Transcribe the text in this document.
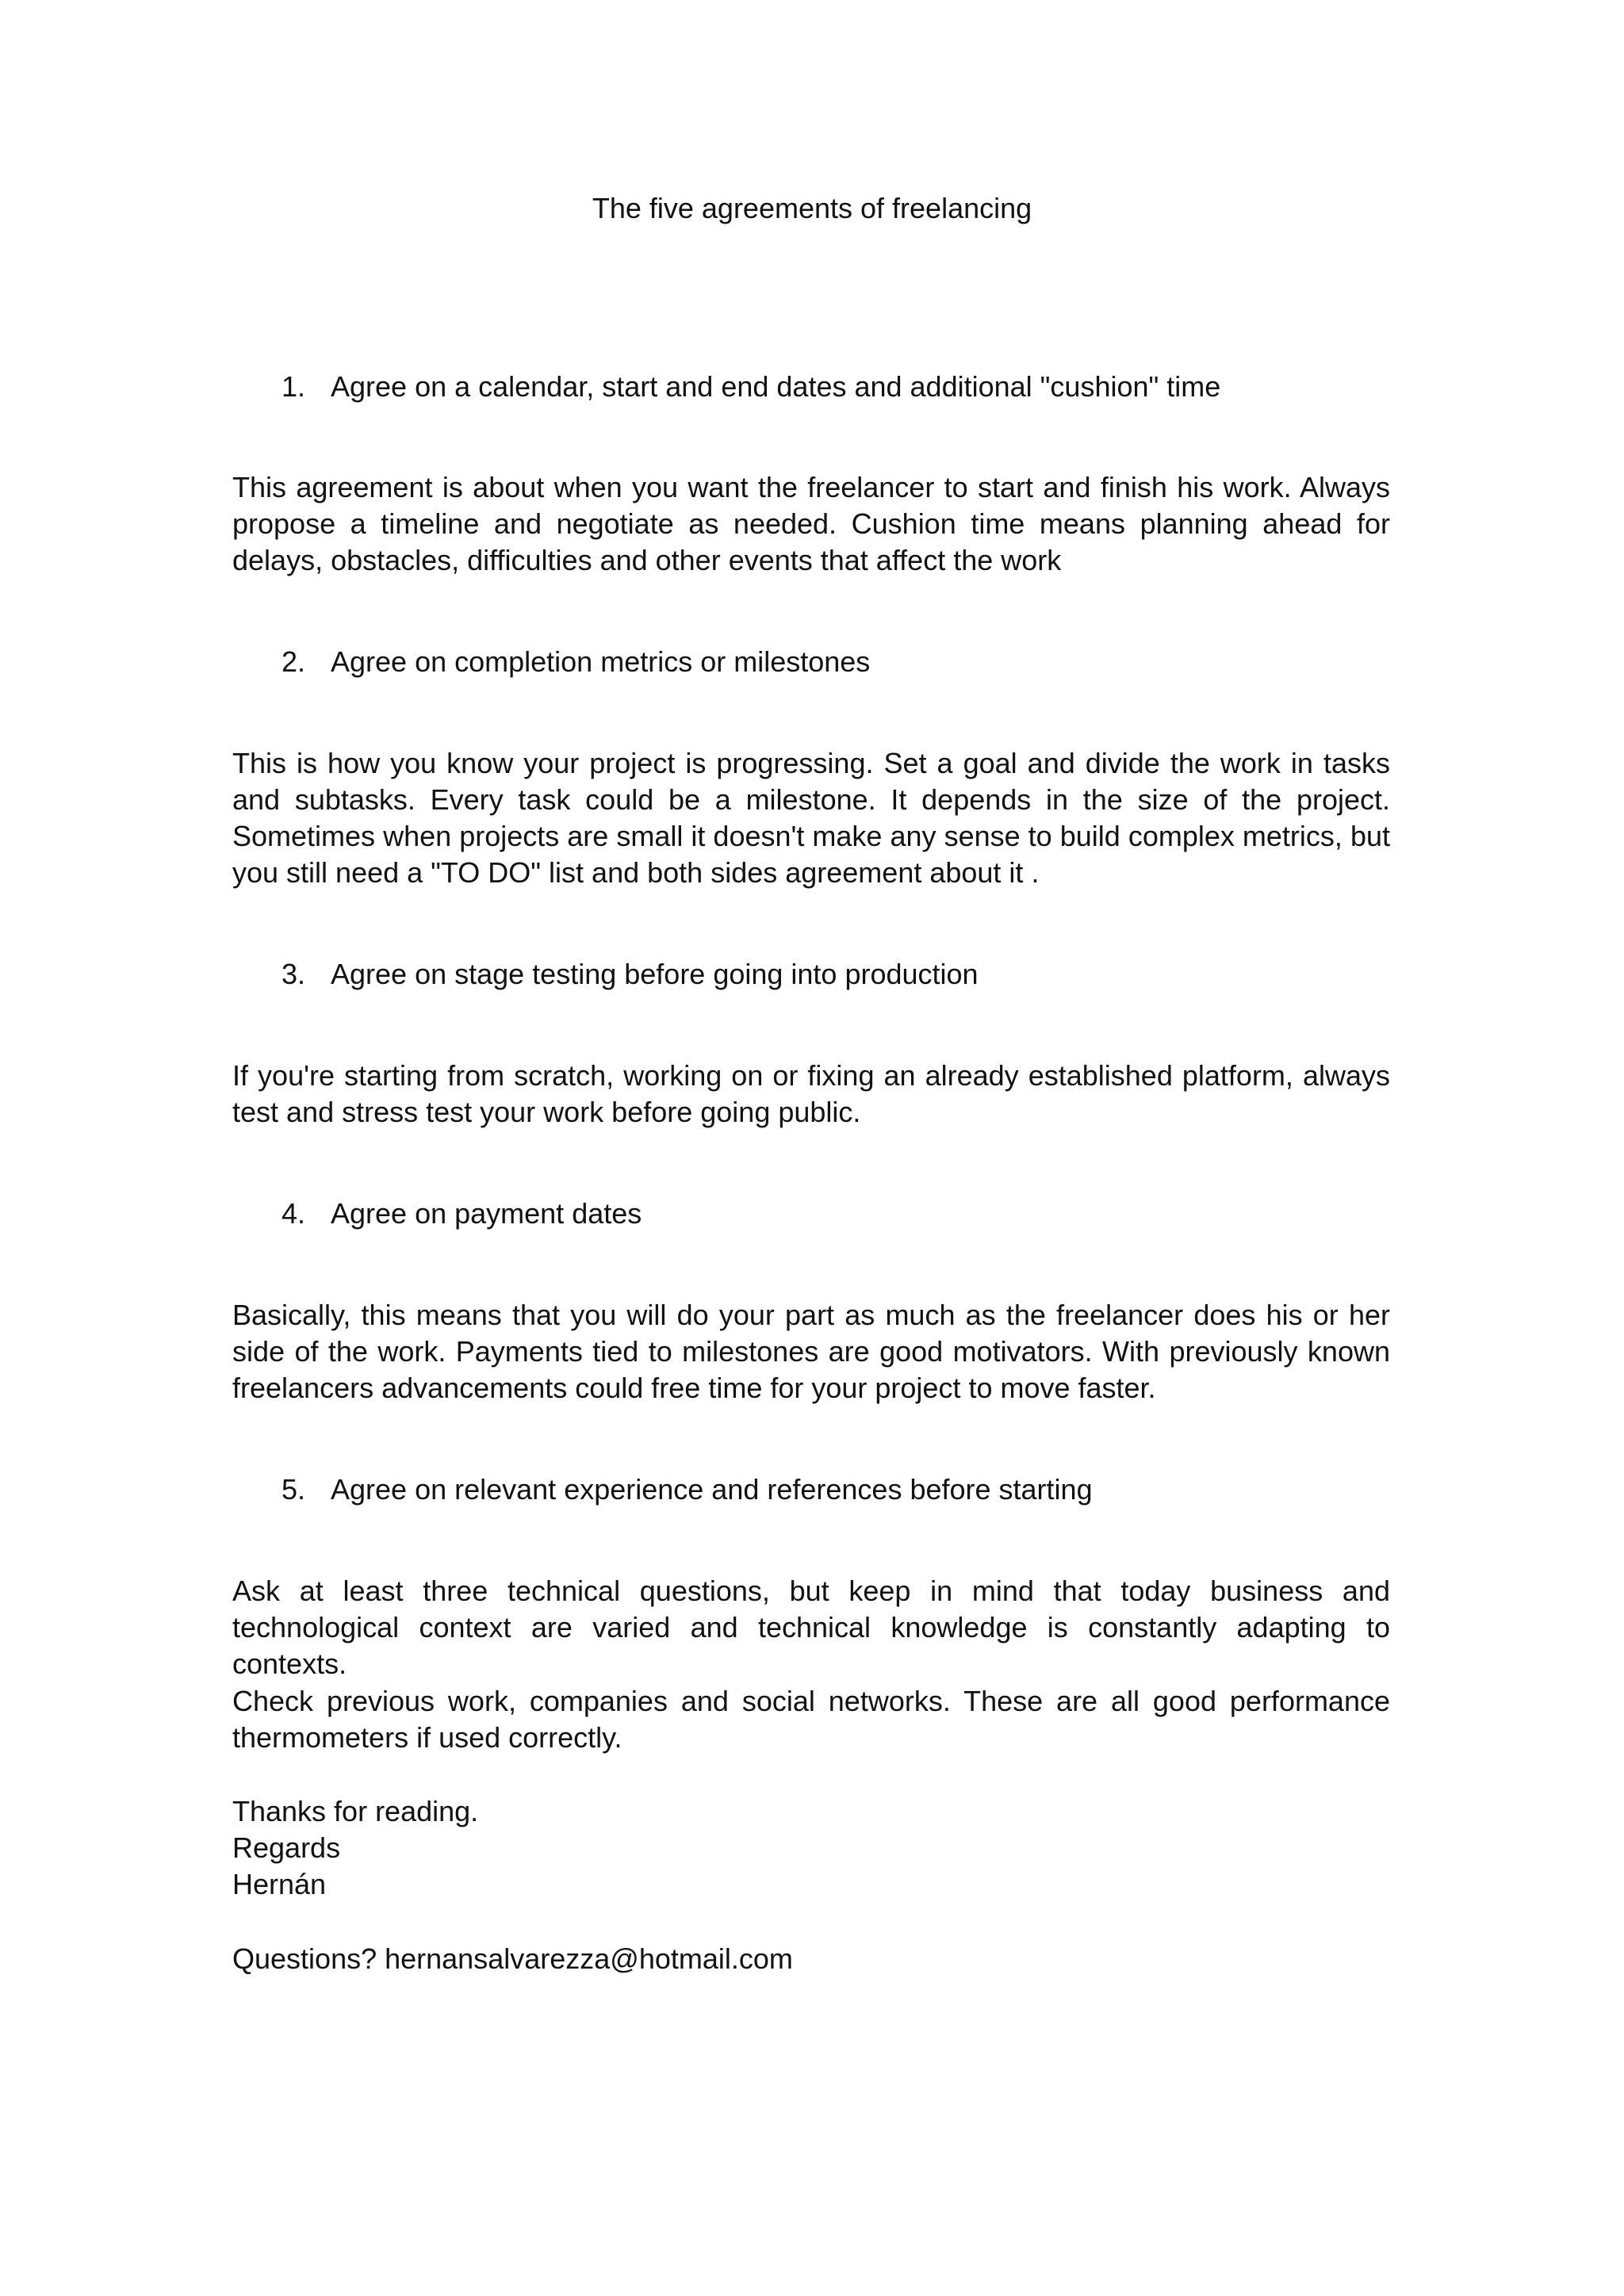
The five agreements of freelancing

1. Agree on a calendar, start and end dates and additional "cushion" time

This agreement is about when you want the freelancer to start and finish his work. Always propose a timeline and negotiate as needed. Cushion time means planning ahead for delays, obstacles, difficulties and other events that affect the work

2. Agree on completion metrics or milestones

This is how you know your project is progressing. Set a goal and divide the work in tasks and subtasks. Every task could be a milestone. It depends in the size of the project. Sometimes when projects are small it doesn't make any sense to build complex metrics, but you still need a "TO DO" list and both sides agreement about it .

3. Agree on stage testing before going into production

If you're starting from scratch, working on or fixing an already established platform, always test and stress test your work before going public.

4. Agree on payment dates

Basically, this means that you will do your part as much as the freelancer does his or her side of the work. Payments tied to milestones are good motivators. With previously known freelancers advancements could free time for your project to move faster.

5. Agree on relevant experience and references before starting

Ask at least three technical questions, but keep in mind that today business and technological context are varied and technical knowledge is constantly adapting to contexts.

Check previous work, companies and social networks. These are all good performance thermometers if used correctly.

Thanks for reading.

Regards

Hernán

Questions? hernansalvarezza@hotmail.com
